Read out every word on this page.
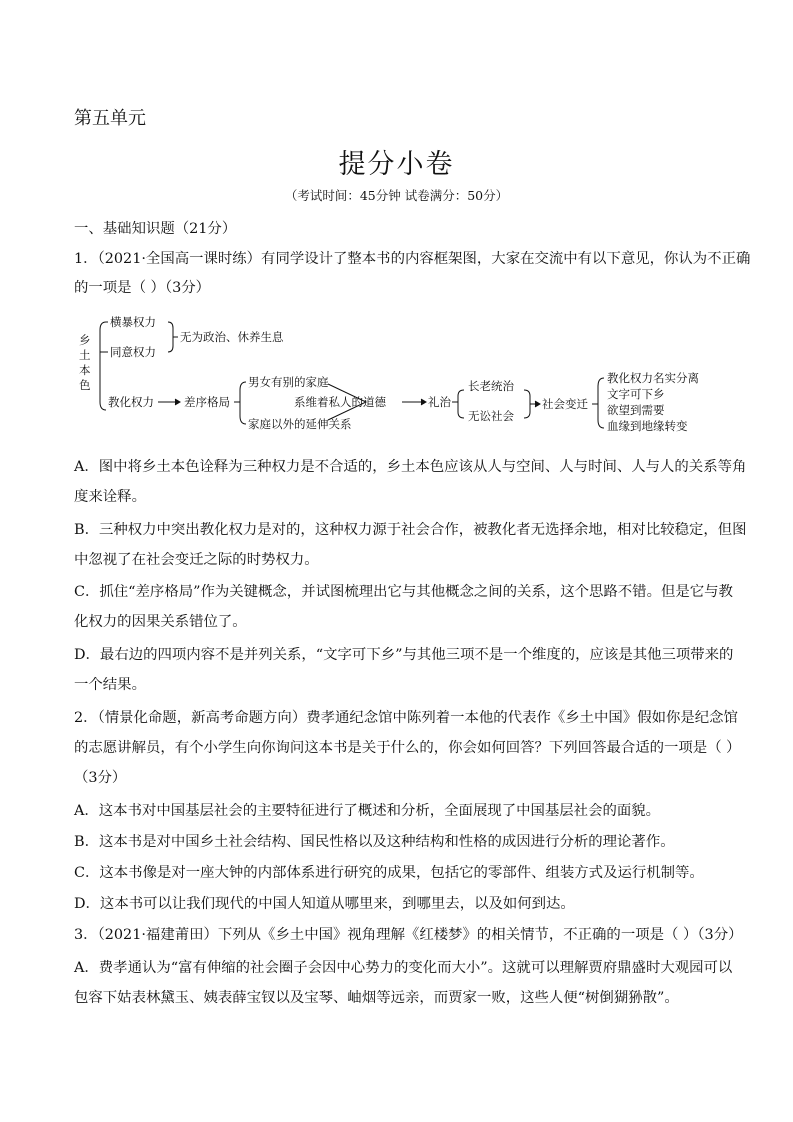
第五单元
提分小卷
（考试时间：45分钟 试卷满分：50分）
一、基础知识题（21分）
1．（2021·全国高一课时练）有同学设计了整本书的内容框架图，大家在交流中有以下意见，你认为不正确
的一项是（ ）（3分）
乡
土
本
色
横暴权力
同意权力
无为政治、休养生息
教化权力	差序格局
男女有别的家庭
系维着私人的道德
家庭以外的延伸关系
礼治
长老统治
无讼社会
社会变迁
教化权力名实分离
文字可下乡
欲望到需要
血缘到地缘转变
A．图中将乡土本色诠释为三种权力是不合适的，乡土本色应该从人与空间、人与时间、人与人的关系等角
度来诠释。
B．三种权力中突出教化权力是对的，这种权力源于社会合作，被教化者无选择余地，相对比较稳定，但图
中忽视了在社会变迁之际的时势权力。
C．抓住“差序格局”作为关键概念，并试图梳理出它与其他概念之间的关系，这个思路不错。但是它与教
化权力的因果关系错位了。
D．最右边的四项内容不是并列关系，“文字可下乡”与其他三项不是一个维度的，应该是其他三项带来的
一个结果。
2．（情景化命题，新高考命题方向）费孝通纪念馆中陈列着一本他的代表作《乡土中国》假如你是纪念馆
的志愿讲解员，有个小学生向你询问这本书是关于什么的，你会如何回答？下列回答最合适的一项是（ ）
（3分）
A．这本书对中国基层社会的主要特征进行了概述和分析，全面展现了中国基层社会的面貌。
B．这本书是对中国乡土社会结构、国民性格以及这种结构和性格的成因进行分析的理论著作。
C．这本书像是对一座大钟的内部体系进行研究的成果，包括它的零部件、组装方式及运行机制等。
D．这本书可以让我们现代的中国人知道从哪里来，到哪里去，以及如何到达。
3．（2021·福建莆田）下列从《乡土中国》视角理解《红楼梦》的相关情节，不正确的一项是（ ）（3分）
A．费孝通认为“富有伸缩的社会圈子会因中心势力的变化而大小”。这就可以理解贾府鼎盛时大观园可以
包容下姑表林黛玉、姨表薛宝钗以及宝琴、岫烟等远亲，而贾家一败，这些人便“树倒猢狲散”。
